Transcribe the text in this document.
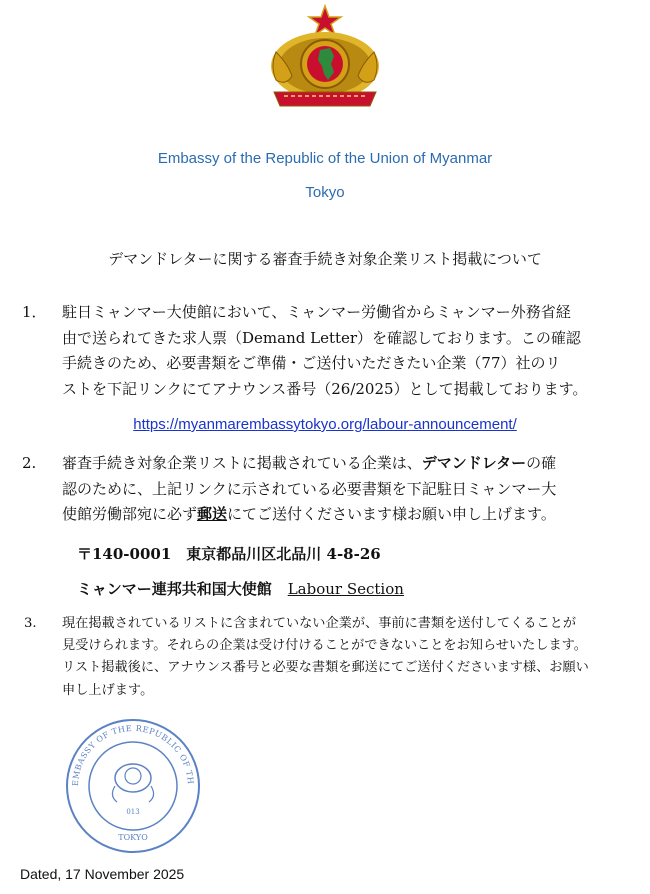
Embassy of the Republic of the Union of Myanmar
Tokyo
デマンドレターに関する審査手続き対象企業リスト掲載について
1． 駐日ミャンマー大使館において、ミャンマー労働省からミャンマー外務省経
由で送られてきた求人票（Demand Letter）を確認しております。この確認
手続きのため、必要書類をご準備・ご送付いただきたい企業（77）社のリ
ストを下記リンクにてアナウンス番号（26/2025）として掲載しております。
https://myanmarembassytokyo.org/labour-announcement/
2. 審査手続き対象企業リストに掲載されている企業は、デマンドレターの確
認のために、上記リンクに示されている必要書類を下記駐日ミャンマー大
使館労働部宛に必ず郵送にてご送付くださいます様お願い申し上げます。
〒140-0001　東京都品川区北品川 4-8-26
ミャンマー連邦共和国大使館 Labour Section
3. 現在掲載されているリストに含まれていない企業が、事前に書類を送付してくることが
見受けられます。それらの企業は受け付けることができないことをお知らせいたします。
リスト掲載後に、アナウンス番号と必要な書類を郵送にてご送付くださいます様、お願い
申し上げます。
EMBASSY OF THE REPUBLIC OF TH
013
TOKYO
Dated, 17 November 2025
